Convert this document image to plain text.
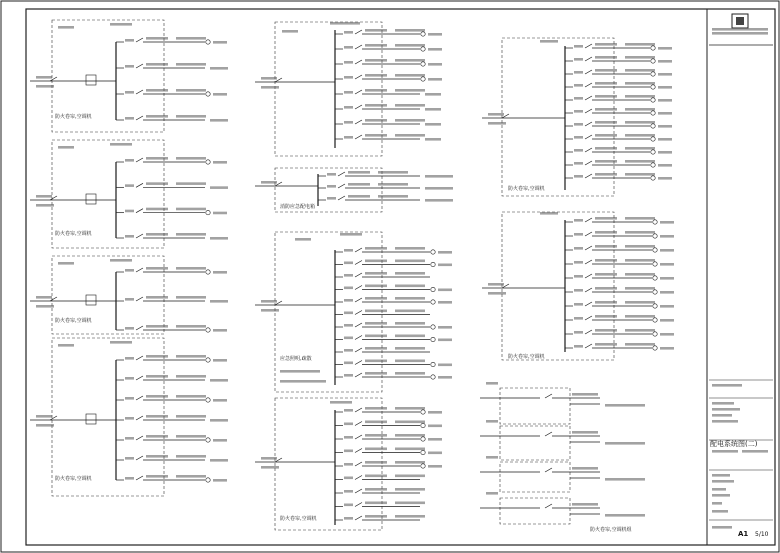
配电系统图(二)
A1 5/10
防火卷帘,空调机
防火卷帘,空调机
防火卷帘,空调机
防火卷帘,空调机
消防应急配电箱
应急照明,疏散
防火卷帘,空调机
防火卷帘,空调机
防火卷帘,空调机
防火卷帘,空调机组
